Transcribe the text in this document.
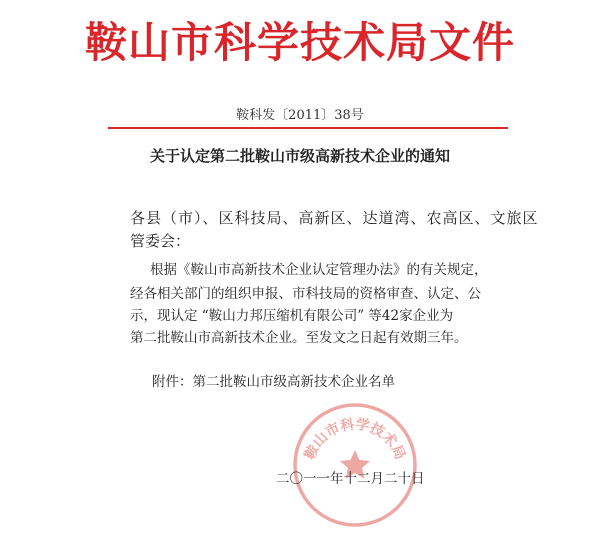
鞍山市科学技术局文件
鞍科发〔2011〕38号
关于认定第二批鞍山市级高新技术企业的通知
各县（市）、区科技局、高新区、达道湾、农高区、文旅区
管委会：
根据《鞍山市高新技术企业认定管理办法》的有关规定，
经各相关部门的组织申报、市科技局的资格审查、认定、公
示，现认定 “鞍山力邦压缩机有限公司” 等42家企业为
第二批鞍山市高新技术企业。至发文之日起有效期三年。
附件：第二批鞍山市级高新技术企业名单
鞍山市科学技术局
二〇一一年十二月二十日
